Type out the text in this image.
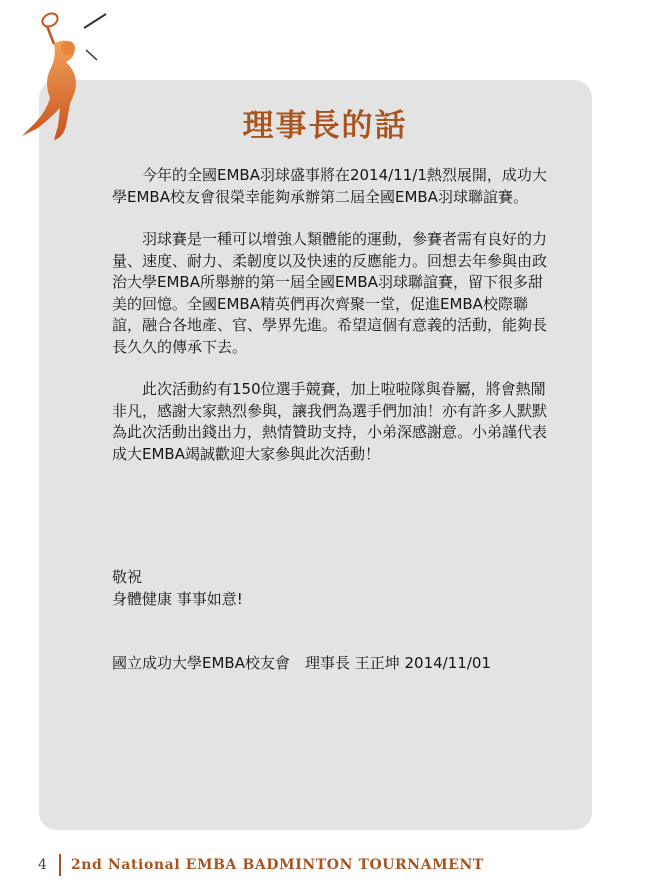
理事長的話

今年的全國EMBA羽球盛事將在2014/11/1熱烈展開，成功大學EMBA校友會很榮幸能夠承辦第二屆全國EMBA羽球聯誼賽。

羽球賽是一種可以增強人類體能的運動，參賽者需有良好的力量、速度、耐力、柔韌度以及快速的反應能力。回想去年參與由政治大學EMBA所舉辦的第一屆全國EMBA羽球聯誼賽，留下很多甜美的回憶。全國EMBA精英們再次齊聚一堂，促進EMBA校際聯誼，融合各地產、官、學界先進。希望這個有意義的活動，能夠長長久久的傳承下去。

此次活動約有150位選手競賽，加上啦啦隊與眷屬，將會熱鬧非凡，感謝大家熱烈參與，讓我們為選手們加油！亦有許多人默默為此次活動出錢出力，熱情贊助支持，小弟深感謝意。小弟謹代表成大EMBA竭誠歡迎大家參與此次活動！

敬祝
身體健康 事事如意!
國立成功大學EMBA校友會　理事長 王正坤 2014/11/01
4 2nd National EMBA BADMINTON TOURNAMENT
